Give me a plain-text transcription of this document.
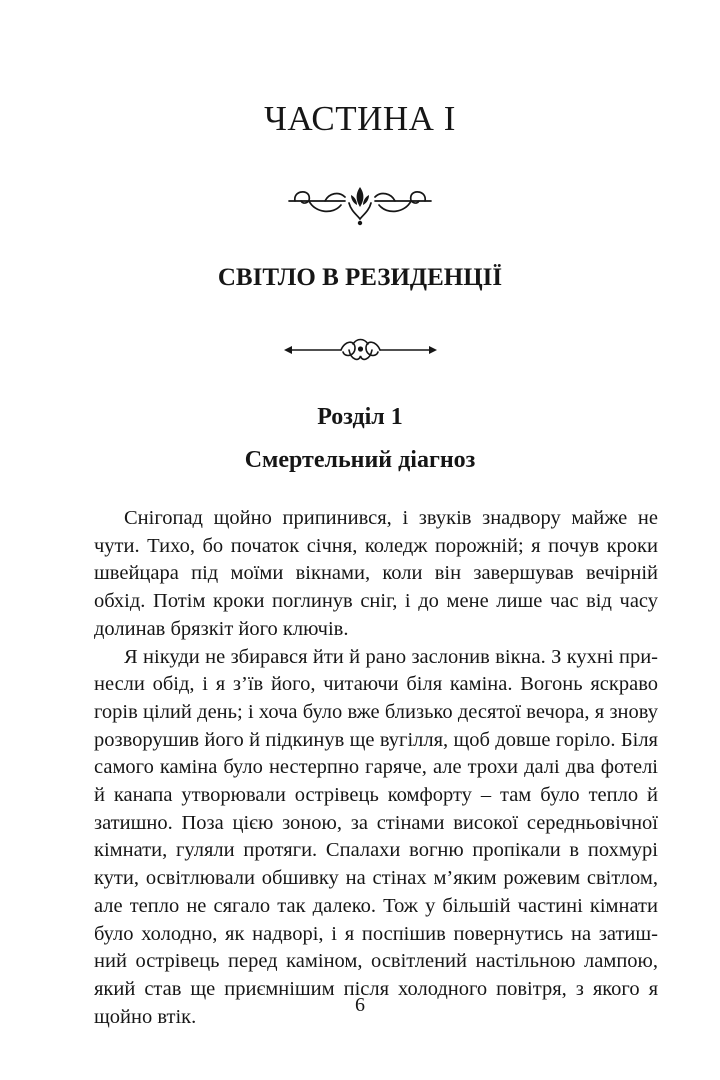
ЧАСТИНА I
СВІТЛО В РЕЗИДЕНЦІЇ
Розділ 1
Смертельний діагноз
Снігопад щойно припинився, і звуків знадвору майже не
чути. Тихо, бо початок січня, коледж порожній; я почув кроки
швейцара під моїми вікнами, коли він завершував вечірній
обхід. Потім кроки поглинув сніг, і до мене лише час від часу
долинав брязкіт його ключів.
Я нікуди не збирався йти й рано заслонив вікна. З кухні при-
несли обід, і я з’їв його, читаючи біля каміна. Вогонь яскраво
горів цілий день; і хоча було вже близько десятої вечора, я знову
розворушив його й підкинув ще вугілля, щоб довше горіло. Біля
самого каміна було нестерпно гаряче, але трохи далі два фотелі
й канапа утворювали острівець комфорту – там було тепло й
затишно. Поза цією зоною, за стінами високої середньовічної
кімнати, гуляли протяги. Спалахи вогню пропікали в похмурі
кути, освітлювали обшивку на стінах м’яким рожевим світлом,
але тепло не сягало так далеко. Тож у більшій частині кімнати
було холодно, як надворі, і я поспішив повернутись на затиш-
ний острівець перед каміном, освітлений настільною лампою,
який став ще приємнішим після холодного повітря, з якого я
щойно втік.
6
